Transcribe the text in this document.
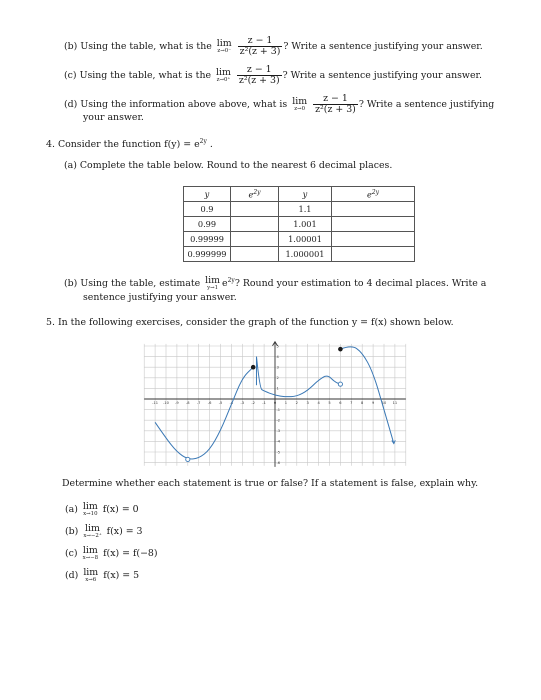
(b) Using the table, what is the lim
z→0⁻
$\frac{z - 1}{\text{z²(z + 3)}}$ ? Write a sentence justifying your answer.
(c) Using the table, what is the lim
z→0⁺
$\frac{z - 1}{\text{z²(z + 3)}}$ ? Write a sentence justifying your answer.
(d) Using the information above above, what is lim
z→0
$\frac{z - 1}{\text{z²(z + 3)}}$ ? Write a sentence justifying
your answer.
4. Consider the function $f(y) = e^{2y}$ .
(a) Complete the table below. Round to the nearest 6 decimal places.
y	$e^{2y}$	y	$e^{2y}$
0.9		1.1	
0.99		1.001	
0.99999		1.00001	
0.999999		1.000001	
(b) Using the table, estimate lim
y→1 $e^{2y}$? Round your estimation to 4 decimal places. Write a
sentence justifying your answer.
5. In the following exercises, consider the graph of the function y = f(x) shown below.
-11 -10 -9 -8 -7 -6 -5 -4 -3 -2 -1 0 1 2 3 4 5 6 7 8 9 10 11
5
4
3
2
1
-1
-2
-3
-4
-5
-6
Determine whether each statement is true or false? If a statement is false, explain why.
(a) lim
x→10 f(x) = 0
(b) lim
x→−2⁺ f(x) = 3
(c) lim
x→−8 f(x) = f(−8)
(d) lim
x→6 f(x) = 5
